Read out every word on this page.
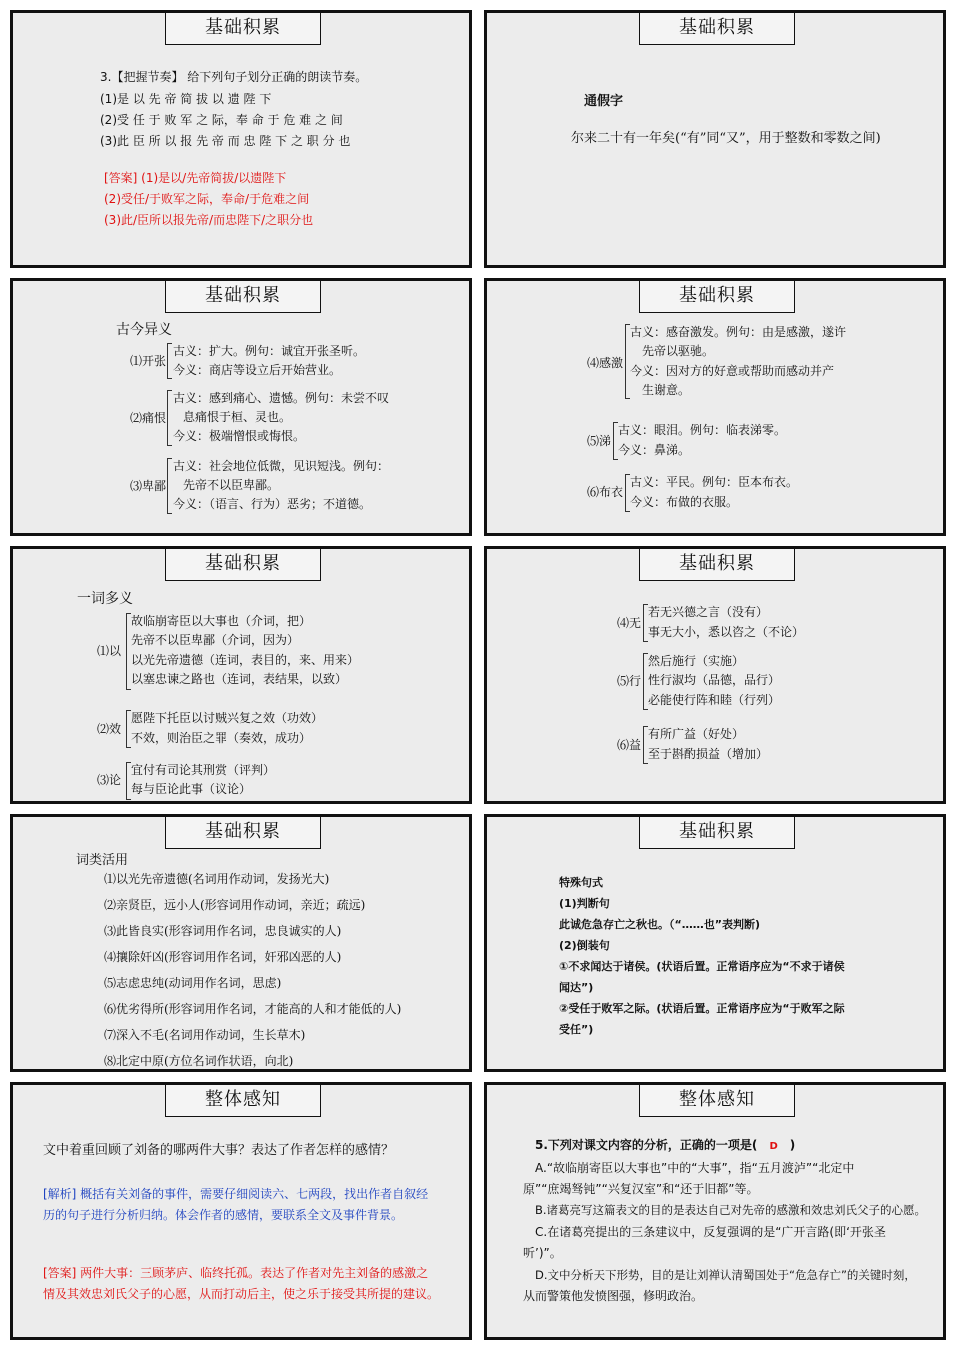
基础积累
3.【把握节奏】 给下列句子划分正确的朗读节奏。
(1)是 以 先 帝 简 拔 以 遗 陛 下
(2)受 任 于 败 军 之 际，奉 命 于 危 难 之 间
(3)此 臣 所 以 报 先 帝 而 忠 陛 下 之 职 分 也
[答案] (1)是以/先帝简拔/以遗陛下
(2)受任/于败军之际，奉命/于危难之间
(3)此/臣所以报先帝/而忠陛下/之职分也
基础积累
通假字
尔来二十有一年矣(“有”同“又”，用于整数和零数之间)
基础积累
古今异义
⑴开张
古义：扩大。例句：诚宜开张圣听。
今义：商店等设立后开始营业。
⑵痛恨
古义：感到痛心、遗憾。例句：未尝不叹
息痛恨于桓、灵也。
今义：极端憎恨或悔恨。
⑶卑鄙
古义：社会地位低微，见识短浅。例句：
先帝不以臣卑鄙。
今义：（语言、行为）恶劣；不道德。
基础积累
⑷感激
古义：感奋激发。例句：由是感激，遂许
先帝以驱驰。
今义：因对方的好意或帮助而感动并产
生谢意。
⑸涕
古义：眼泪。例句：临表涕零。
今义：鼻涕。
⑹布衣
古义：平民。例句：臣本布衣。
今义：布做的衣服。
基础积累
一词多义
⑴以
故临崩寄臣以大事也（介词，把）
先帝不以臣卑鄙（介词，因为）
以光先帝遗德（连词，表目的，来、用来）
以塞忠谏之路也（连词，表结果，以致）
⑵效
愿陛下托臣以讨贼兴复之效（功效）
不效，则治臣之罪（奏效，成功）
⑶论
宜付有司论其刑赏（评判）
每与臣论此事（议论）
基础积累
⑷无
若无兴德之言（没有）
事无大小，悉以咨之（不论）
⑸行
然后施行（实施）
性行淑均（品德，品行）
必能使行阵和睦（行列）
⑹益
有所广益（好处）
至于斟酌损益（增加）
基础积累
词类活用
⑴以光先帝遗德(名词用作动词，发扬光大)
⑵亲贤臣，远小人(形容词用作动词，亲近；疏远)
⑶此皆良实(形容词用作名词，忠良诚实的人)
⑷攘除奸凶(形容词用作名词，奸邪凶恶的人)
⑸志虑忠纯(动词用作名词，思虑)
⑹优劣得所(形容词用作名词，才能高的人和才能低的人)
⑺深入不毛(名词用作动词，生长草木)
⑻北定中原(方位名词作状语，向北)
基础积累
特殊句式
(1)判断句
此诚危急存亡之秋也。（“……也”表判断)
(2)倒装句
①不求闻达于诸侯。(状语后置。正常语序应为“不求于诸侯
闻达”)
②受任于败军之际。(状语后置。正常语序应为“于败军之际
受任”)
整体感知
文中着重回顾了刘备的哪两件大事？表达了作者怎样的感情？
[解析] 概括有关刘备的事件，需要仔细阅读六、七两段，找出作者自叙经
历的句子进行分析归纳。体会作者的感情，要联系全文及事件背景。
[答案] 两件大事：三顾茅庐、临终托孤。表达了作者对先主刘备的感激之
情及其效忠刘氏父子的心愿，从而打动后主，使之乐于接受其所提的建议。
整体感知
5.下列对课文内容的分析，正确的一项是( D )
A.“故临崩寄臣以大事也”中的“大事”，指“五月渡泸”“北定中
原”“庶竭驽钝”“兴复汉室”和“还于旧都”等。
B.诸葛亮写这篇表文的目的是表达自己对先帝的感激和效忠刘氏父子的心愿。
C.在诸葛亮提出的三条建议中，反复强调的是“广开言路(即‘开张圣
听’)”。
D.文中分析天下形势，目的是让刘禅认清蜀国处于“危急存亡”的关键时刻，
从而警策他发愤图强，修明政治。
